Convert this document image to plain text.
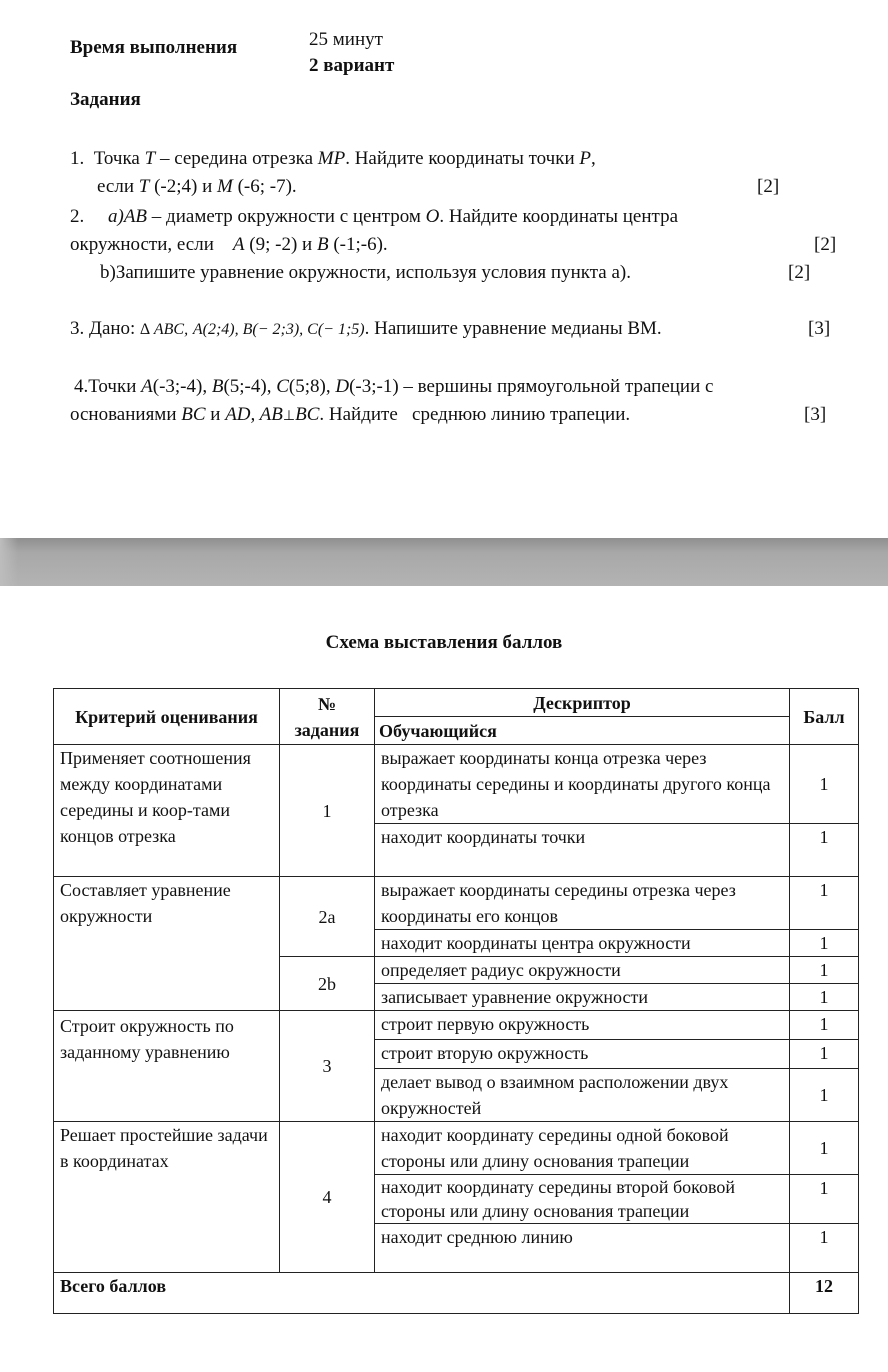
Время выполнения	25 минут
2 вариант
Задания
1. Точка T – середина отрезка MP. Найдите координаты точки P,
если T (-2;4) и M (-6; -7).	[2]
2. a)AB – диаметр окружности с центром O. Найдите координаты центра
окружности, если    A (9; -2) и B (-1;-6).	[2]
b)Запишите уравнение окружности, используя условия пункта а).	[2]
3. Дано: ∆ ABC, A(2;4), B(− 2;3), C(− 1;5). Напишите уравнение медианы ВМ.	[3]
4.Точки A(-3;-4), B(5;-4), C(5;8), D(-3;-1) – вершины прямоугольной трапеции с
основаниями BC и AD, AB⊥BC. Найдите   среднюю линию трапеции.	[3]
Схема выставления баллов
Критерий оценивания	№ задания	Дескриптор	Балл
		Обучающийся	
Применяет соотношения между координатами середины и коор-тами концов отрезка	1	выражает координаты конца отрезка через координаты середины и координаты другого конца отрезка	1
		находит координаты точки	1
Составляет уравнение окружности	2a	выражает координаты середины отрезка через координаты его концов	1
		находит координаты центра окружности	1
	2b	определяет радиус окружности	1
		записывает уравнение окружности	1
Строит окружность по заданному уравнению	3	строит первую окружность	1
		строит вторую окружность	1
		делает вывод о взаимном расположении двух окружностей	1
Решает простейшие задачи в координатах	4	находит координату середины одной боковой стороны или длину основания трапеции	1
		находит координату середины второй боковой стороны или длину основания трапеции	1
		находит среднюю линию	1
Всего баллов			12
